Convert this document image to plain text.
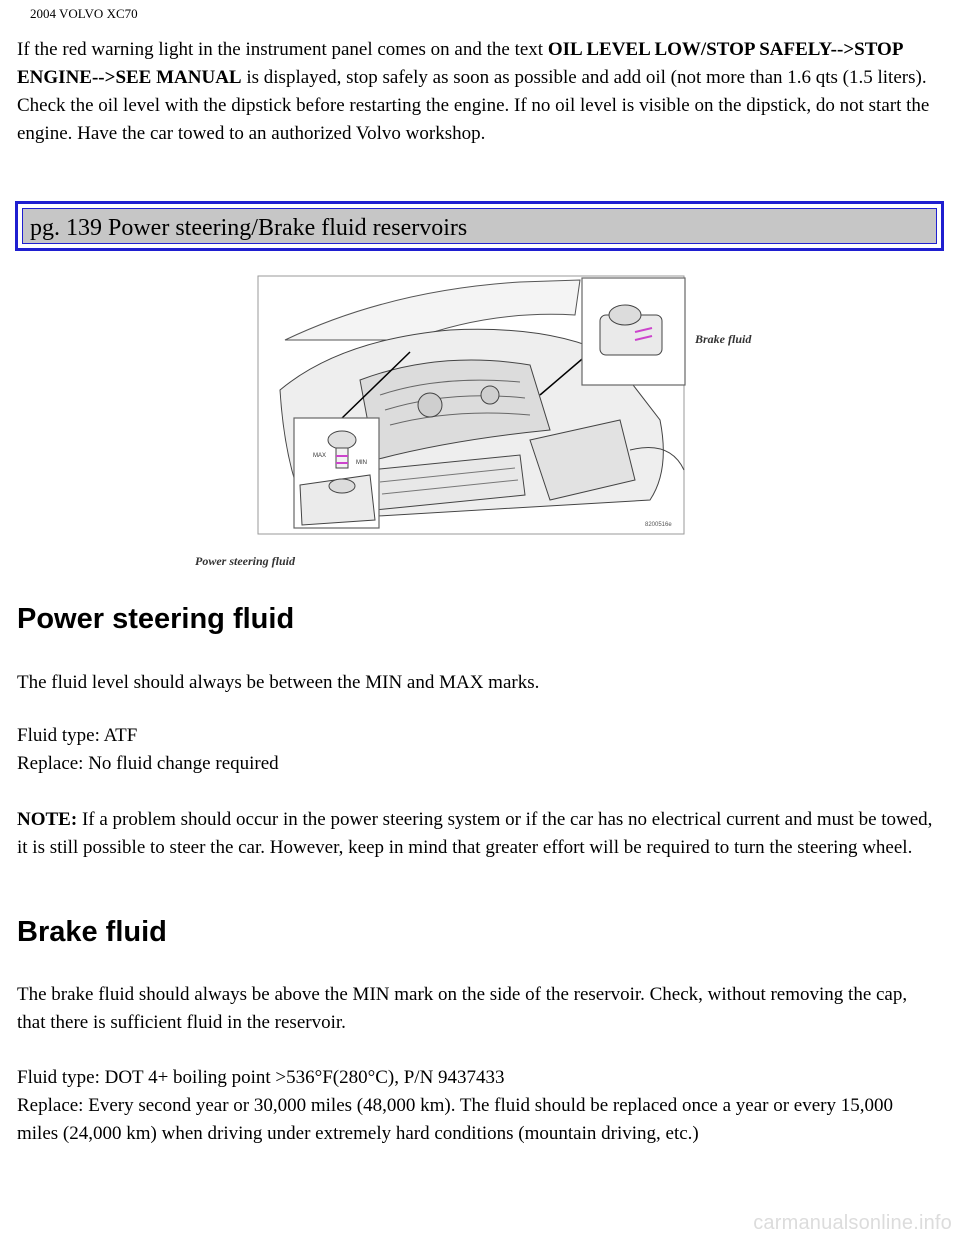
2004 VOLVO XC70

If the red warning light in the instrument panel comes on and the text OIL LEVEL LOW/STOP SAFELY-->STOP ENGINE-->SEE MANUAL is displayed, stop safely as soon as possible and add oil (not more than 1.6 qts (1.5 liters). Check the oil level with the dipstick before restarting the engine. If no oil level is visible on the dipstick, do not start the engine. Have the car towed to an authorized Volvo workshop.

pg. 139 Power steering/Brake fluid reservoirs
MAX
MIN
8200516e
Brake fluid
Power steering fluid
Power steering fluid

The fluid level should always be between the MIN and MAX marks.

Fluid type: ATF
Replace: No fluid change required

NOTE: If a problem should occur in the power steering system or if the car has no electrical current and must be towed, it is still possible to steer the car. However, keep in mind that greater effort will be required to turn the steering wheel.

Brake fluid

The brake fluid should always be above the MIN mark on the side of the reservoir. Check, without removing the cap, that there is sufficient fluid in the reservoir.

Fluid type: DOT 4+ boiling point >536°F(280°C), P/N 9437433
Replace: Every second year or 30,000 miles (48,000 km). The fluid should be replaced once a year or every 15,000 miles (24,000 km) when driving under extremely hard conditions (mountain driving, etc.)

carmanualsonline.info
